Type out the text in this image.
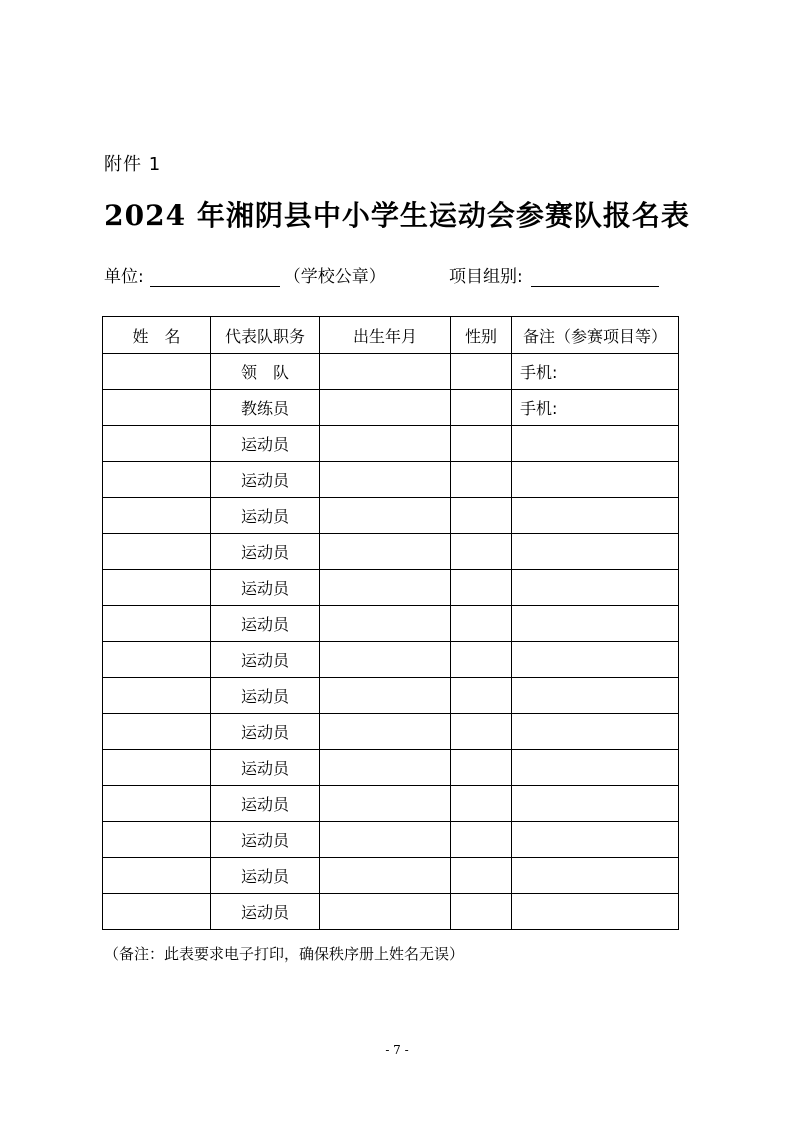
附件 1
2024 年湘阴县中小学生运动会参赛队报名表
单位:	（学校公章）	项目组别:
姓　名	代表队职务	出生年月	性别	备注（参赛项目等）
	领　队			手机:
	教练员			手机:
	运动员			
	运动员			
	运动员			
	运动员			
	运动员			
	运动员			
	运动员			
	运动员			
	运动员			
	运动员			
	运动员			
	运动员			
	运动员			
	运动员			
（备注：此表要求电子打印，确保秩序册上姓名无误）
- 7 -
